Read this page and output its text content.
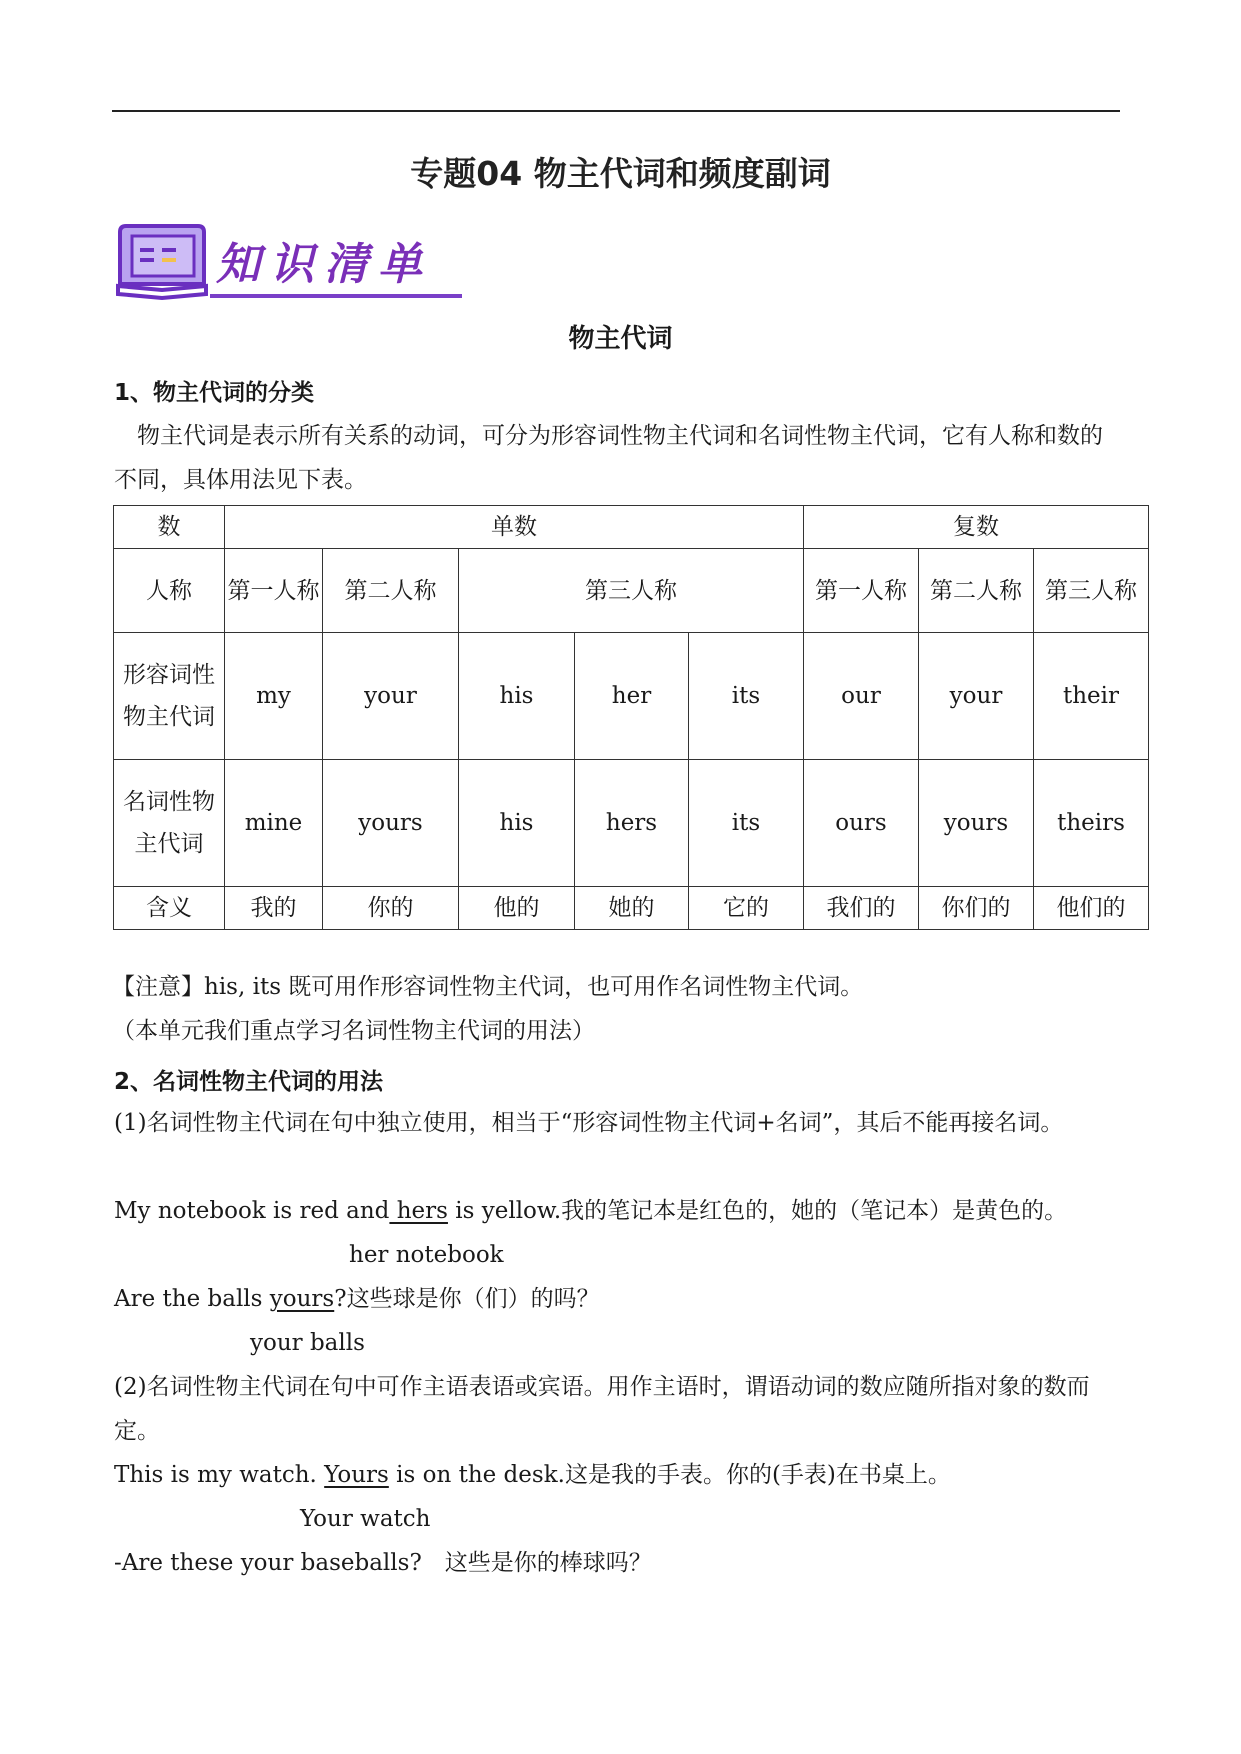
专题04 物主代词和频度副词
知识清单
物主代词
1、物主代词的分类
物主代词是表示所有关系的动词，可分为形容词性物主代词和名词性物主代词，它有人称和数的不同，具体用法见下表。
数	单数					复数		
人称	第一人称	第二人称	第三人称			第一人称	第二人称	第三人称
形容词性物主代词	my	your	his	her	its	our	your	their
名词性物主代词	mine	yours	his	hers	its	ours	yours	theirs
含义	我的	你的	他的	她的	它的	我们的	你们的	他们的
【注意】his, its 既可用作形容词性物主代词，也可用作名词性物主代词。
（本单元我们重点学习名词性物主代词的用法）
2、名词性物主代词的用法
(1)名词性物主代词在句中独立使用，相当于“形容词性物主代词+名词”，其后不能再接名词。
My notebook is red and hers is yellow.我的笔记本是红色的，她的（笔记本）是黄色的。
her notebook
Are the balls yours?这些球是你（们）的吗？
your balls
(2)名词性物主代词在句中可作主语表语或宾语。用作主语时，谓语动词的数应随所指对象的数而定。
This is my watch. Yours is on the desk.这是我的手表。你的(手表)在书桌上。
Your watch
-Are these your baseballs?　这些是你的棒球吗？
